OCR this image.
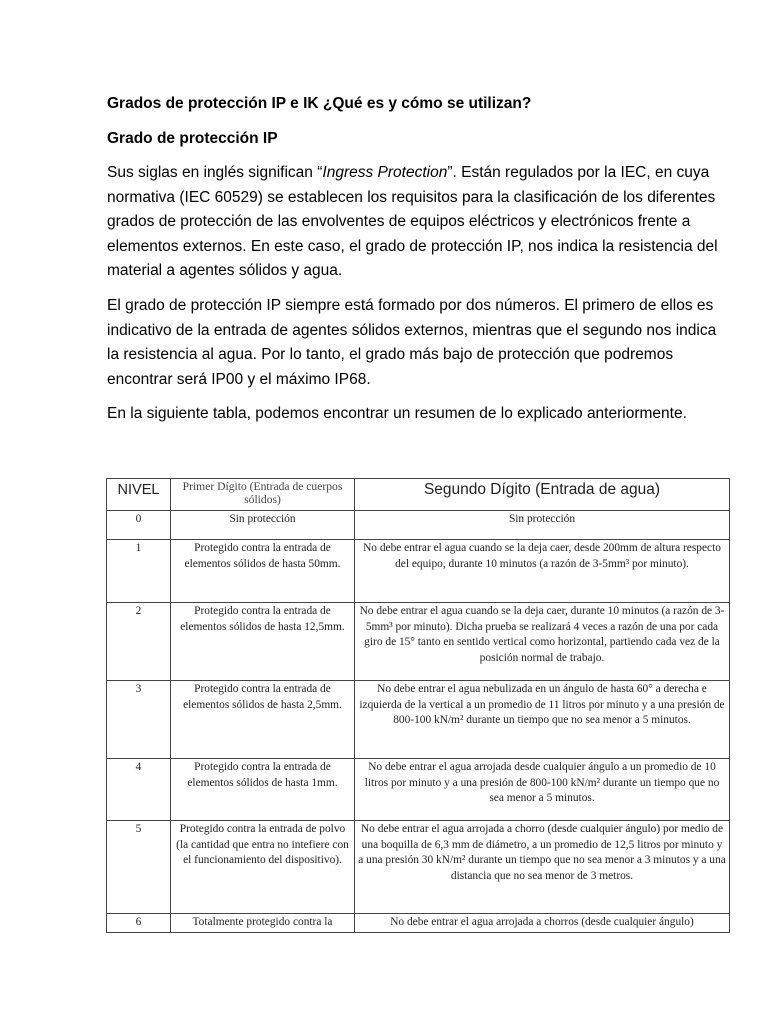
Grados de protección IP e IK ¿Qué es y cómo se utilizan?

Grado de protección IP

Sus siglas en inglés significan “Ingress Protection”. Están regulados por la IEC, en cuya normativa (IEC 60529) se establecen los requisitos para la clasificación de los diferentes grados de protección de las envolventes de equipos eléctricos y electrónicos frente a elementos externos. En este caso, el grado de protección IP, nos indica la resistencia del material a agentes sólidos y agua.

El grado de protección IP siempre está formado por dos números. El primero de ellos es indicativo de la entrada de agentes sólidos externos, mientras que el segundo nos indica la resistencia al agua. Por lo tanto, el grado más bajo de protección que podremos encontrar será IP00 y el máximo IP68.

En la siguiente tabla, podemos encontrar un resumen de lo explicado anteriormente.

NIVEL	Primer Dígito (Entrada de cuerpos sólidos)	Segundo Dígito (Entrada de agua)
0	Sin protección	Sin protección
1	Protegido contra la entrada de elementos sólidos de hasta 50mm.	No debe entrar el agua cuando se la deja caer, desde 200mm de altura respecto del equipo, durante 10 minutos (a razón de 3-5mm³ por minuto).
2	Protegido contra la entrada de elementos sólidos de hasta 12,5mm.	No debe entrar el agua cuando se la deja caer, durante 10 minutos (a razón de 3-5mm³ por minuto). Dicha prueba se realizará 4 veces a razón de una por cada giro de 15° tanto en sentido vertical como horizontal, partiendo cada vez de la posición normal de trabajo.
3	Protegido contra la entrada de elementos sólidos de hasta 2,5mm.	No debe entrar el agua nebulizada en un ángulo de hasta 60° a derecha e izquierda de la vertical a un promedio de 11 litros por minuto y a una presión de 800-100 kN/m² durante un tiempo que no sea menor a 5 minutos.
4	Protegido contra la entrada de elementos sólidos de hasta 1mm.	No debe entrar el agua arrojada desde cualquier ángulo a un promedio de 10 litros por minuto y a una presión de 800-100 kN/m² durante un tiempo que no sea menor a 5 minutos.
5	Protegido contra la entrada de polvo (la cantidad que entra no intefiere con el funcionamiento del dispositivo).	No debe entrar el agua arrojada a chorro (desde cualquier ángulo) por medio de una boquilla de 6,3 mm de diámetro, a un promedio de 12,5 litros por minuto y a una presión 30 kN/m² durante un tiempo que no sea menor a 3 minutos y a una distancia que no sea menor de 3 metros.
6	Totalmente protegido contra la	No debe entrar el agua arrojada a chorros (desde cualquier ángulo)
